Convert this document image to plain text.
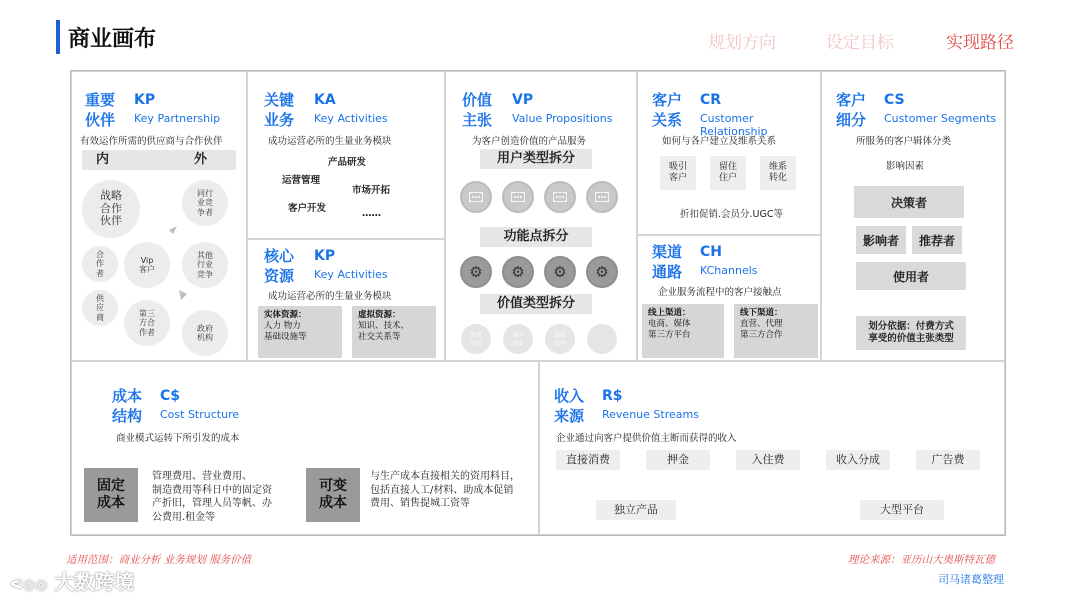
商业画布	规划方向	设定目标	实现路径
重要
伙伴
KP
Key Partnership
有效运作所需的供应商与合作伙伴
内	外
战略
合作
伙伴
合
作
者
Vip
客户
供
应
商	第三
方合
作者
同行
业竞
争者
其他
行业
竞争
政府
机构
关键
业务
KA
Key Activities
成功运营必所的生量业务模块
产品研发
运营管理
市场开拓
客户开发	……
核心
资源
KP
Key Activities
成功运营必所的生量业务模块
实体资源：
人力 物力
基础设施等
虚拟资源：
知识、技术、
社交关系等
价值
主张
VP
Value Propositions
为客户创造价值的产品服务
用户类型拆分
功能点拆分
⚙ ⚙ ⚙ ⚙
价值类型拆分
节省
时间
减少
成本
提高
效率
客户
关系
CR
Customer Relationship
如何与各户建立及维系关系
吸引
客户
留住
住户
维系
转化
折扣促销.会员分.UGC等
渠道
通路
CH
KChannels
企业服务流程中的客户接触点
线上渠道：
电商、媒体
第三方平台
线下渠道：
直营、代理
第三方合作
客户
细分
CS
Customer Segments
所服务的客户辑体分类
影响因素
决策者
影响者	推荐者
使用者
划分依据：付费方式
享受的价值主张类型
成本
结构
C$
Cost Structure
商业模式运转下所引发的成本
固定
成本
管理费用、营业费用、
制造费用等科日中的固定资
产折旧，管理人员等帆、办
公费用.租金等
可变
成本
与生产成本直接相关的资用料目，
包括直接人工/材料、助成本促销
费用、销售提城工资等
收入
来源
R$
Revenue Streams
企业通过向客户提供价值主断而获得的收入
直接消费	押金	入住费	收入分成	广告费
独立产品	大型平台
适用范围：商业分析 业务规划 服务价值	理论来源：亚历山大奥斯特瓦德
司马诸葛整理
ᕙ◎◎ 大数跨境
